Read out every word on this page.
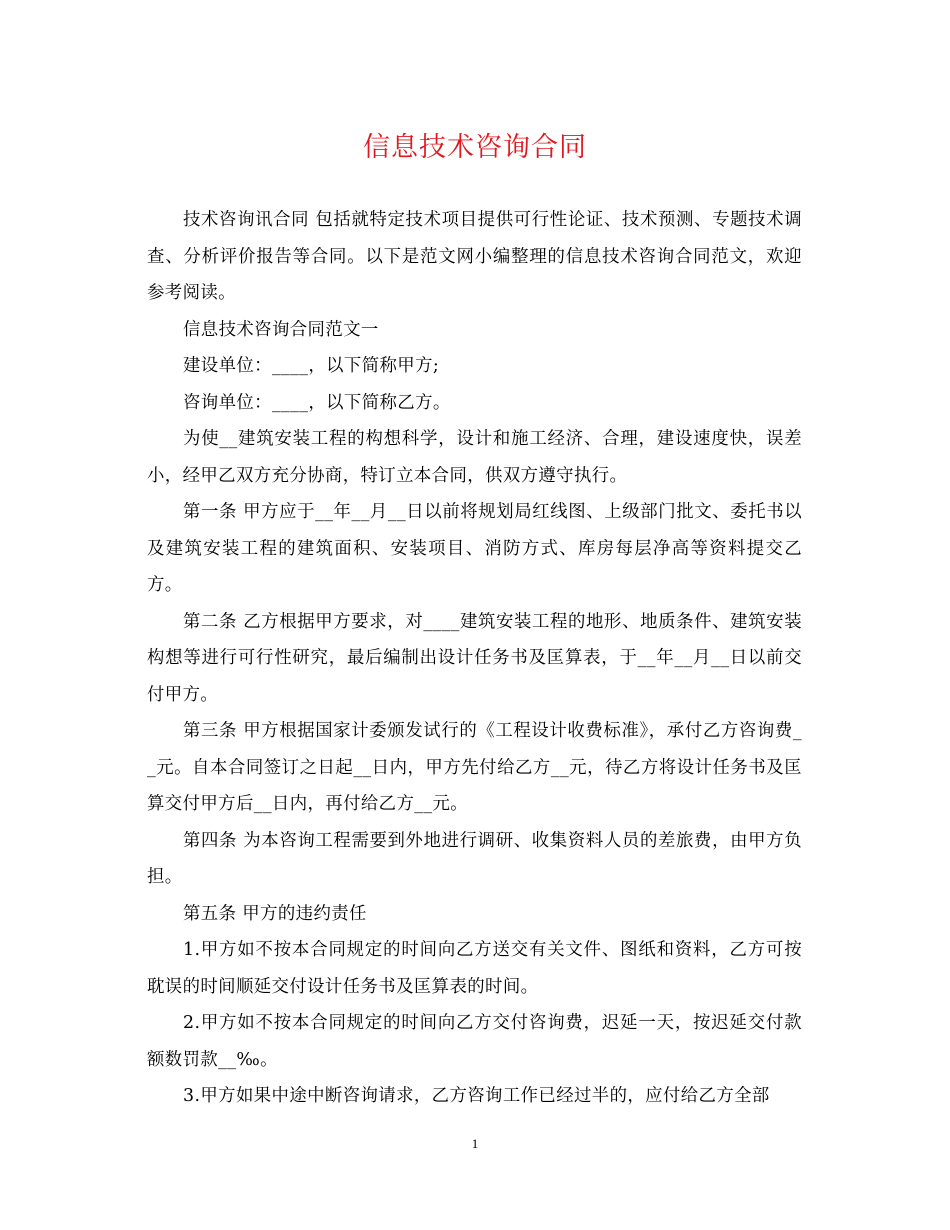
信息技术咨询合同

技术咨询讯合同 包括就特定技术项目提供可行性论证、技术预测、专题技术调查、分析评价报告等合同。以下是范文网小编整理的信息技术咨询合同范文，欢迎参考阅读。

信息技术咨询合同范文一

建设单位：____，以下简称甲方;

咨询单位：____，以下简称乙方。

为使__建筑安装工程的构想科学，设计和施工经济、合理，建设速度快，误差小，经甲乙双方充分协商，特订立本合同，供双方遵守执行。

第一条 甲方应于__年__月__日以前将规划局红线图、上级部门批文、委托书以及建筑安装工程的建筑面积、安装项目、消防方式、库房每层净高等资料提交乙方。

第二条 乙方根据甲方要求，对____建筑安装工程的地形、地质条件、建筑安装构想等进行可行性研究，最后编制出设计任务书及匡算表，于__年__月__日以前交付甲方。

第三条 甲方根据国家计委颁发试行的《工程设计收费标准》，承付乙方咨询费__元。自本合同签订之日起__日内，甲方先付给乙方__元，待乙方将设计任务书及匡算交付甲方后__日内，再付给乙方__元。

第四条 为本咨询工程需要到外地进行调研、收集资料人员的差旅费，由甲方负担。

第五条 甲方的违约责任

1.甲方如不按本合同规定的时间向乙方送交有关文件、图纸和资料，乙方可按耽误的时间顺延交付设计任务书及匡算表的时间。

2.甲方如不按本合同规定的时间向乙方交付咨询费，迟延一天，按迟延交付款额数罚款__‰。

3.甲方如果中途中断咨询请求，乙方咨询工作已经过半的，应付给乙方全部

1
